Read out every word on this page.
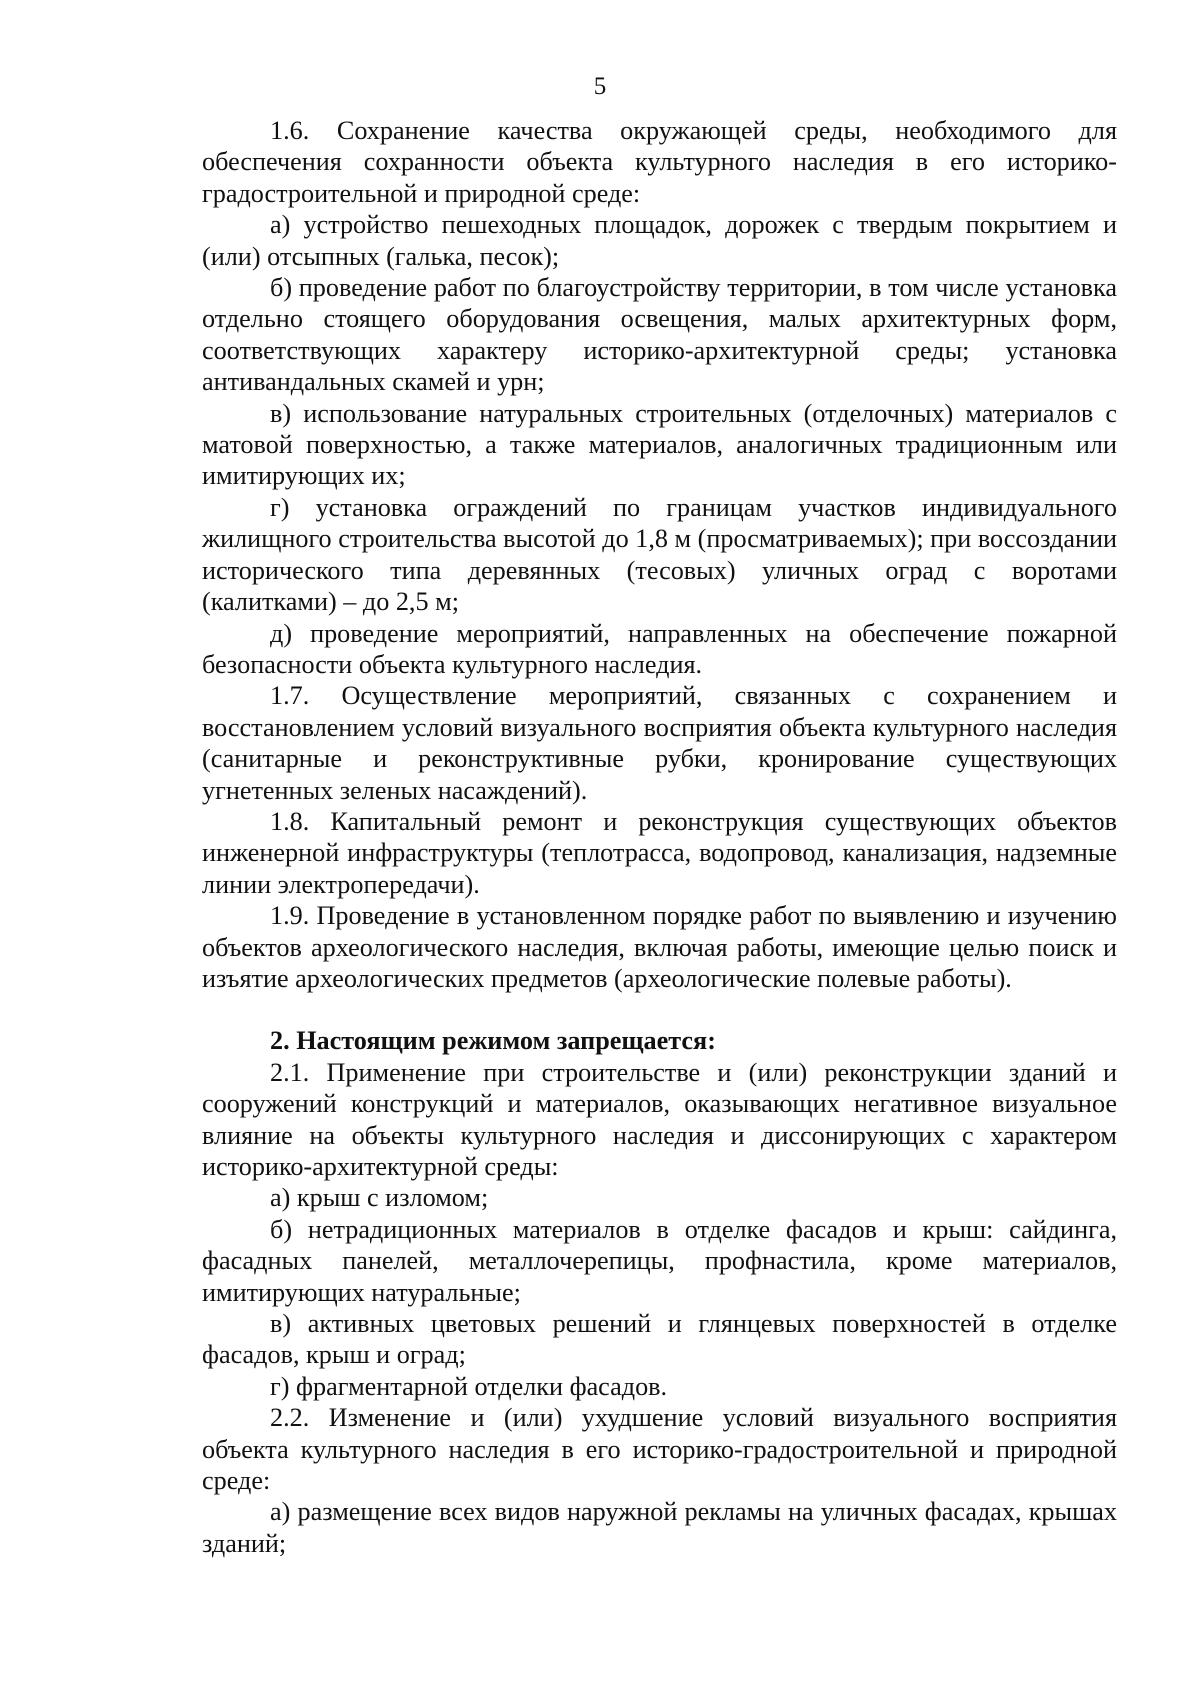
5

1.6. Сохранение качества окружающей среды, необходимого для обеспечения сохранности объекта культурного наследия в его историко-градостроительной и природной среде:

а) устройство пешеходных площадок, дорожек с твердым покрытием и (или) отсыпных (галька, песок);

б) проведение работ по благоустройству территории, в том числе установка отдельно стоящего оборудования освещения, малых архитектурных форм, соответствующих характеру историко-архитектурной среды; установка антивандальных скамей и урн;

в) использование натуральных строительных (отделочных) материалов с матовой поверхностью, а также материалов, аналогичных традиционным или имитирующих их;

г) установка ограждений по границам участков индивидуального жилищного строительства высотой до 1,8 м (просматриваемых); при воссоздании исторического типа деревянных (тесовых) уличных оград с воротами (калитками) – до 2,5 м;

д) проведение мероприятий, направленных на обеспечение пожарной безопасности объекта культурного наследия.

1.7. Осуществление мероприятий, связанных с сохранением и восстановлением условий визуального восприятия объекта культурного наследия (санитарные и реконструктивные рубки, кронирование существующих угнетенных зеленых насаждений).

1.8. Капитальный ремонт и реконструкция существующих объектов инженерной инфраструктуры (теплотрасса, водопровод, канализация, надземные линии электропередачи).

1.9. Проведение в установленном порядке работ по выявлению и изучению объектов археологического наследия, включая работы, имеющие целью поиск и изъятие археологических предметов (археологические полевые работы).

2. Настоящим режимом запрещается:

2.1. Применение при строительстве и (или) реконструкции зданий и сооружений конструкций и материалов, оказывающих негативное визуальное влияние на объекты культурного наследия и диссонирующих с характером историко-архитектурной среды:

а) крыш с изломом;

б) нетрадиционных материалов в отделке фасадов и крыш: сайдинга, фасадных панелей, металлочерепицы, профнастила, кроме материалов, имитирующих натуральные;

в) активных цветовых решений и глянцевых поверхностей в отделке фасадов, крыш и оград;

г) фрагментарной отделки фасадов.

2.2. Изменение и (или) ухудшение условий визуального восприятия объекта культурного наследия в его историко-градостроительной и природной среде:

а) размещение всех видов наружной рекламы на уличных фасадах, крышах зданий;
